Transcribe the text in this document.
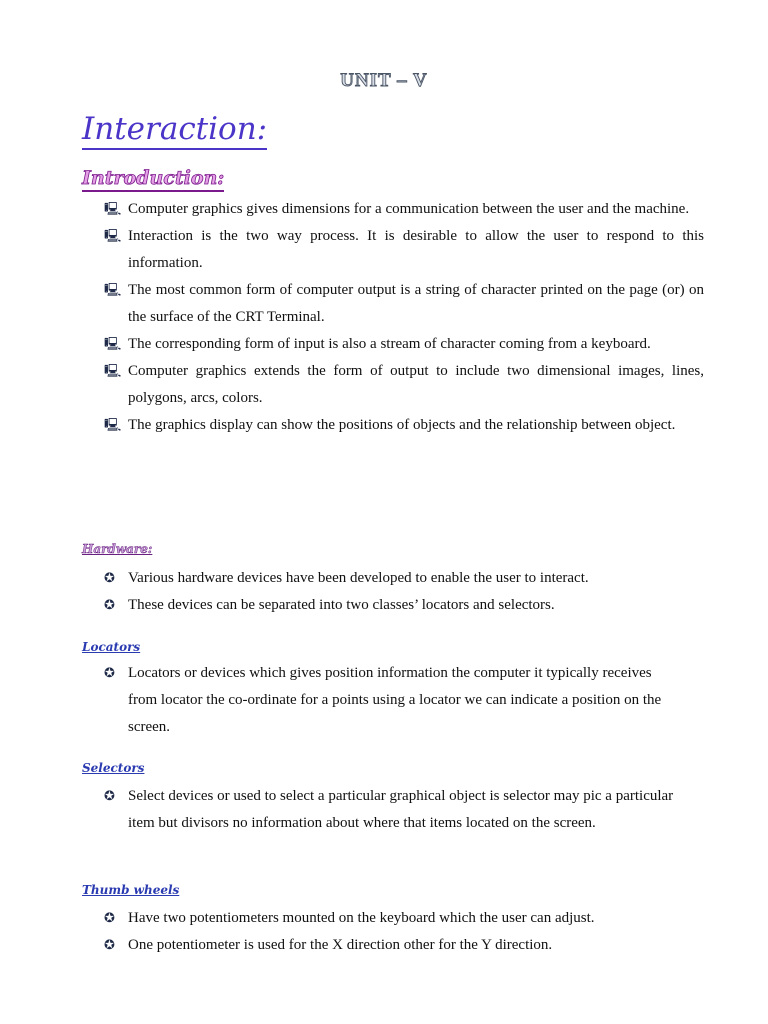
UNIT – V
Interaction:
Introduction:
🖳 Computer graphics gives dimensions for a communication between the user and the machine.
🖳 Interaction is the two way process. It is desirable to allow the user to respond to this information.
🖳 The most common form of computer output is a string of character printed on the page (or) on the surface of the CRT Terminal.
🖳 The corresponding form of input is also a stream of character coming from a keyboard.
🖳 Computer graphics extends the form of output to include two dimensional images, lines, polygons, arcs, colors.
🖳 The graphics display can show the positions of objects and the relationship between object.
Hardware:
✪ Various hardware devices have been developed to enable the user to interact.
✪ These devices can be separated into two classes’ locators and selectors.
Locators
✪ Locators or devices which gives position information the computer it typically receives from locator the co-ordinate for a points using a locator we can indicate a position on the screen.
Selectors
✪ Select devices or used to select a particular graphical object is selector may pic a particular item but divisors no information about where that items located on the screen.
Thumb wheels
✪ Have two potentiometers mounted on the keyboard which the user can adjust.
✪ One potentiometer is used for the X direction other for the Y direction.
